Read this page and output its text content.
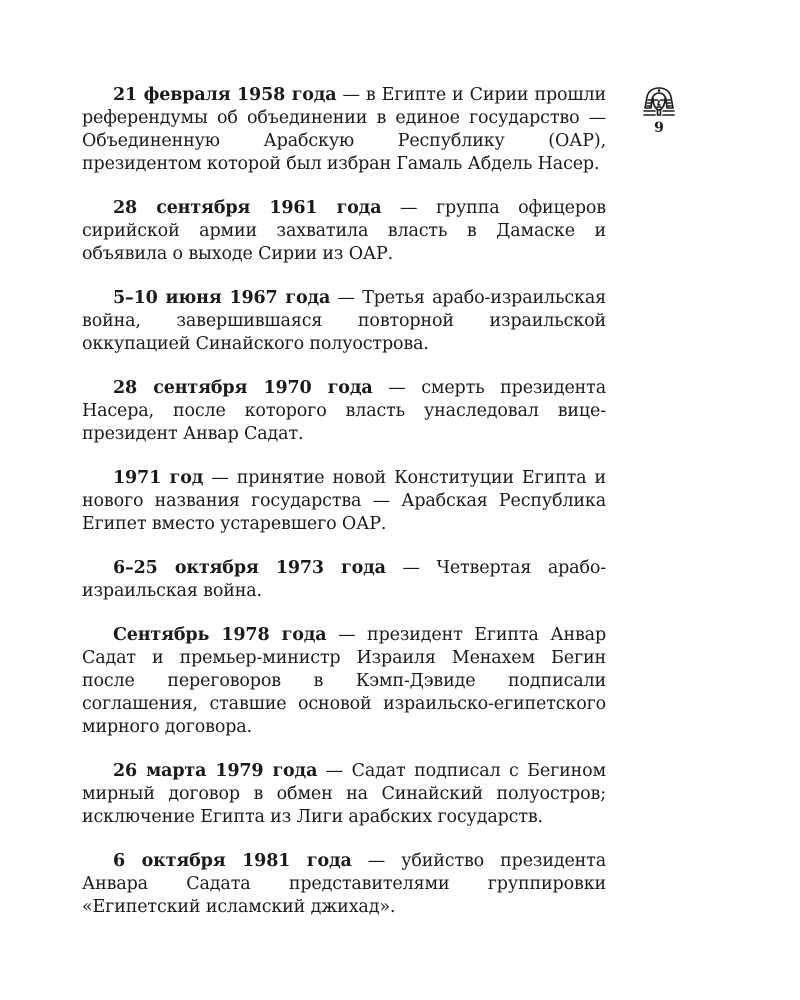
21 февраля 1958 года — в Египте и Сирии прошли референдумы об объединении в единое государство — Объединенную Арабскую Республику (ОАР), президентом которой был избран Гамаль Абдель Насер.

28 сентября 1961 года — группа офицеров сирийской армии захватила власть в Дамаске и объявила о выходе Сирии из ОАР.

5–10 июня 1967 года — Третья арабо-израильская война, завершившаяся повторной израильской оккупацией Синайского полуострова.

28 сентября 1970 года — смерть президента Насера, после которого власть унаследовал вице-президент Анвар Садат.

1971 год — принятие новой Конституции Египта и нового названия государства — Арабская Республика Египет вместо устаревшего ОАР.

6–25 октября 1973 года — Четвертая арабо-израильская война.

Сентябрь 1978 года — президент Египта Анвар Садат и премьер-министр Израиля Менахем Бегин после переговоров в Кэмп-Дэвиде подписали соглашения, ставшие основой израильско-египетского мирного договора.

26 марта 1979 года — Садат подписал с Бегином мирный договор в обмен на Синайский полуостров; исключение Египта из Лиги арабских государств.

6 октября 1981 года — убийство президента Анвара Садата представителями группировки «Египетский исламский джихад».

9
